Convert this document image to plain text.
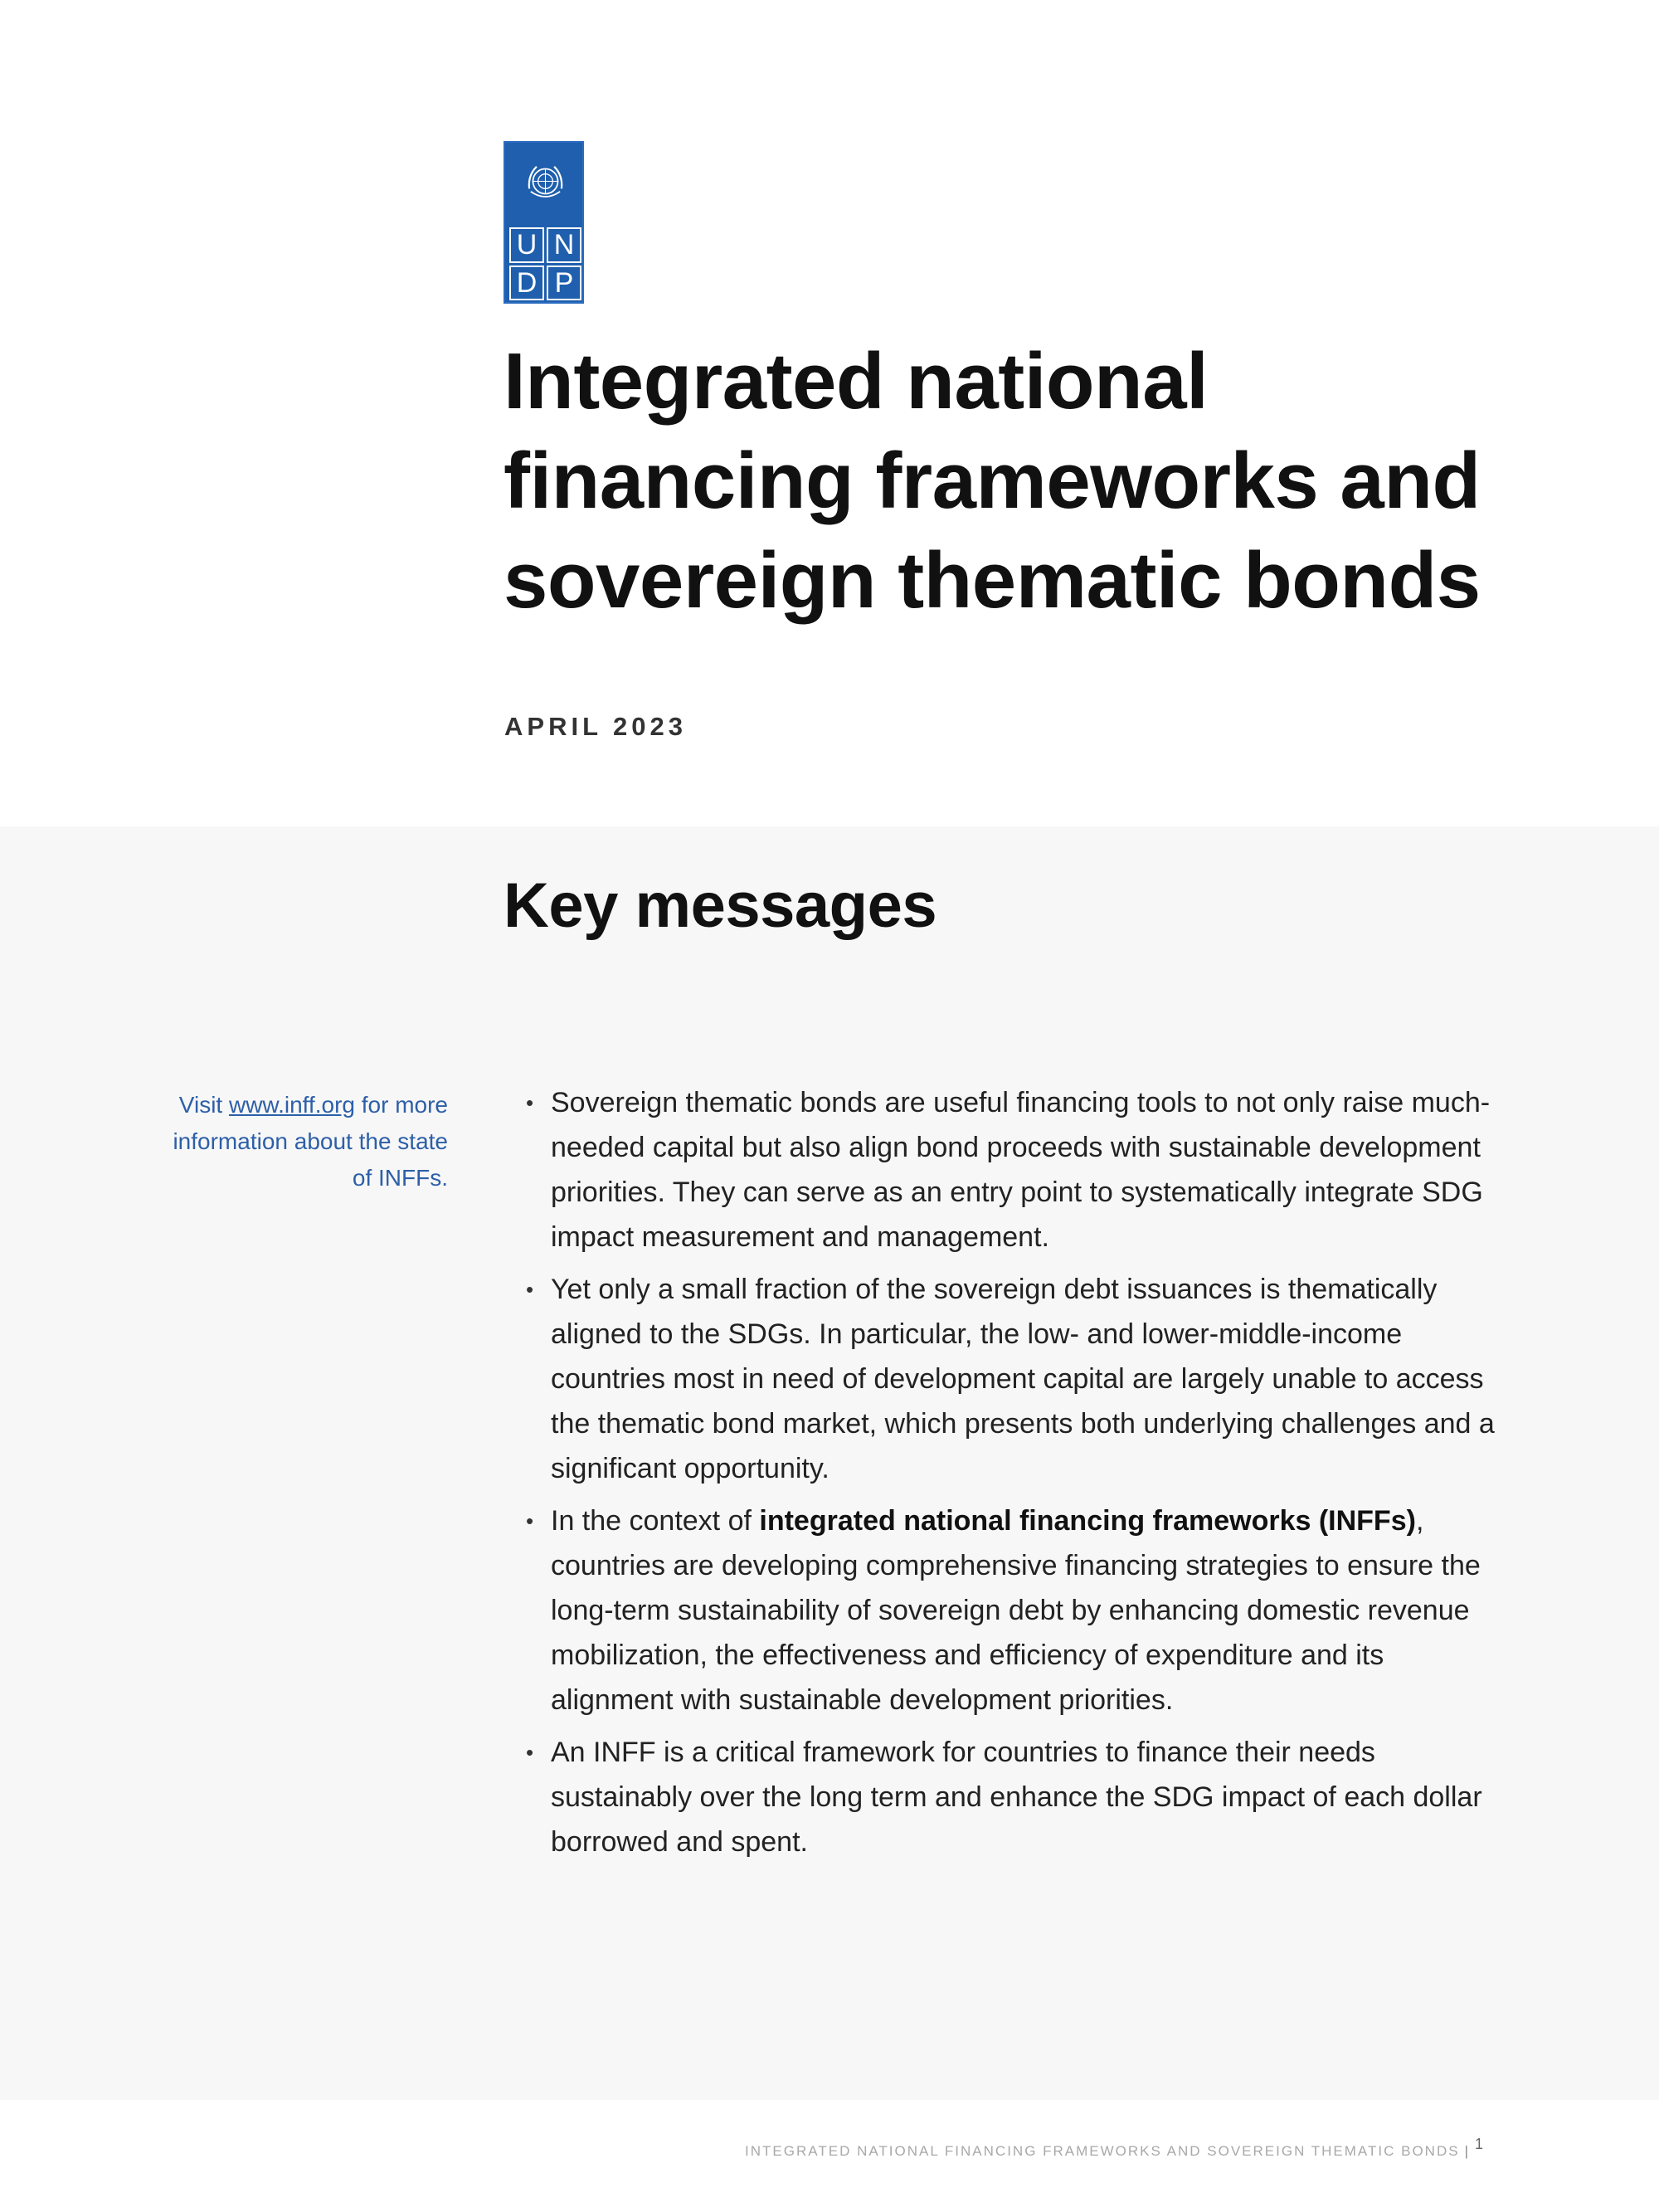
U N
D P
Integrated national financing frameworks and sovereign thematic bonds

APRIL 2023

Key messages

Visit www.inff.org for more information about the state of INFFs.

• Sovereign thematic bonds are useful financing tools to not only raise much-needed capital but also align bond proceeds with sustainable development priorities. They can serve as an entry point to systematically integrate SDG impact measurement and management.
• Yet only a small fraction of the sovereign debt issuances is thematically aligned to the SDGs. In particular, the low- and lower-middle-income countries most in need of development capital are largely unable to access the thematic bond market, which presents both underlying challenges and a significant opportunity.
• In the context of integrated national financing frameworks (INFFs), countries are developing comprehensive financing strategies to ensure the long-term sustainability of sovereign debt by enhancing domestic revenue mobilization, the effectiveness and efficiency of expenditure and its alignment with sustainable development priorities.
• An INFF is a critical framework for countries to finance their needs sustainably over the long term and enhance the SDG impact of each dollar borrowed and spent.

INTEGRATED NATIONAL FINANCING FRAMEWORKS AND SOVEREIGN THEMATIC BONDS | 1
